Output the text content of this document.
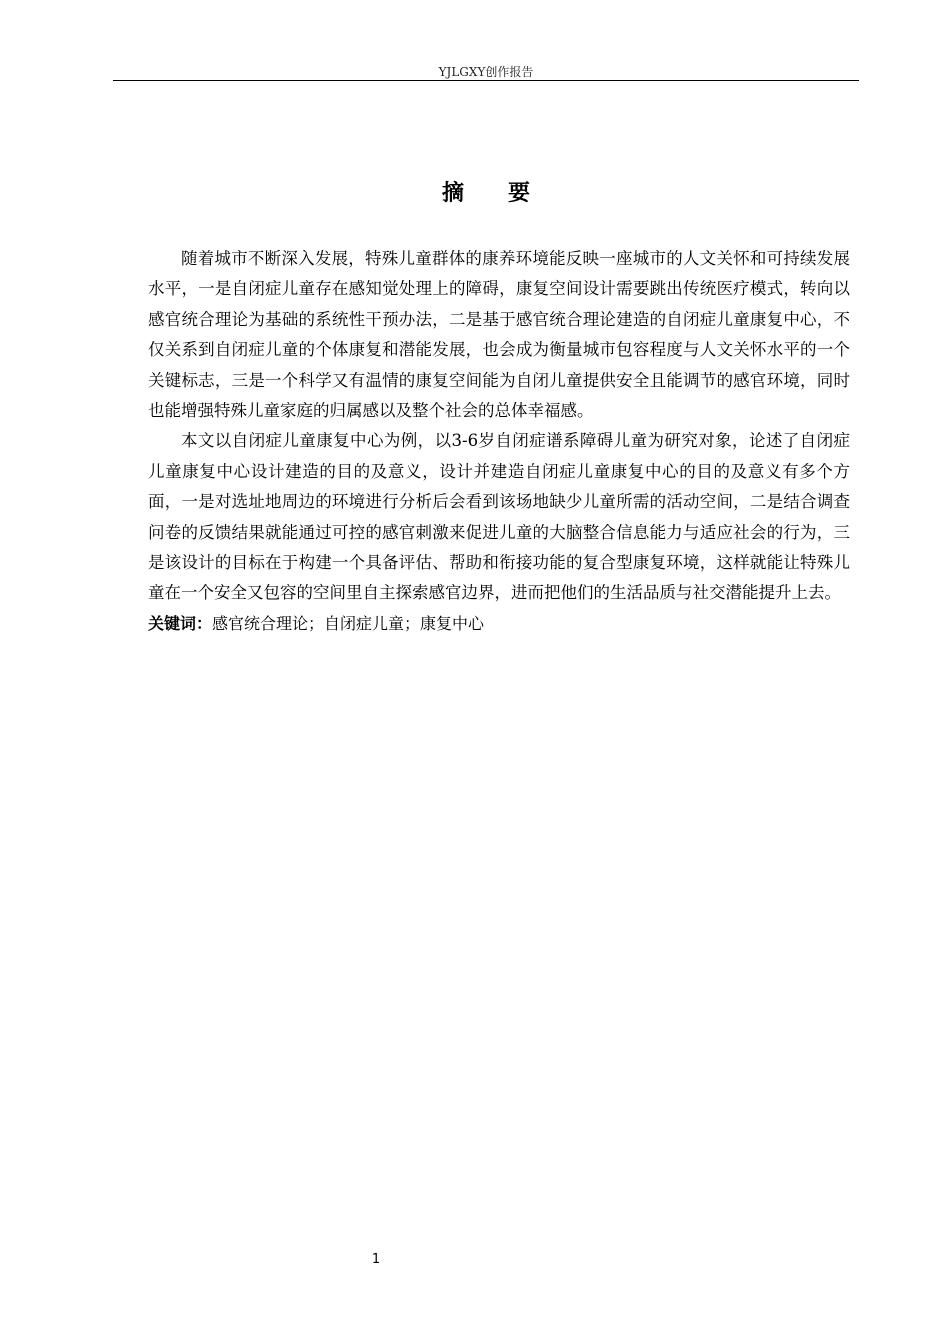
YJLGXY创作报告
摘　　要

随着城市不断深入发展，特殊儿童群体的康养环境能反映一座城市的人文关怀和可持续发展水平，一是自闭症儿童存在感知觉处理上的障碍，康复空间设计需要跳出传统医疗模式，转向以感官统合理论为基础的系统性干预办法，二是基于感官统合理论建造的自闭症儿童康复中心，不仅关系到自闭症儿童的个体康复和潜能发展，也会成为衡量城市包容程度与人文关怀水平的一个关键标志，三是一个科学又有温情的康复空间能为自闭儿童提供安全且能调节的感官环境，同时也能增强特殊儿童家庭的归属感以及整个社会的总体幸福感。

本文以自闭症儿童康复中心为例，以3-6岁自闭症谱系障碍儿童为研究对象，论述了自闭症儿童康复中心设计建造的目的及意义，设计并建造自闭症儿童康复中心的目的及意义有多个方面，一是对选址地周边的环境进行分析后会看到该场地缺少儿童所需的活动空间，二是结合调查问卷的反馈结果就能通过可控的感官刺激来促进儿童的大脑整合信息能力与适应社会的行为，三是该设计的目标在于构建一个具备评估、帮助和衔接功能的复合型康复环境，这样就能让特殊儿童在一个安全又包容的空间里自主探索感官边界，进而把他们的生活品质与社交潜能提升上去。

关键词：感官统合理论；自闭症儿童；康复中心

1
